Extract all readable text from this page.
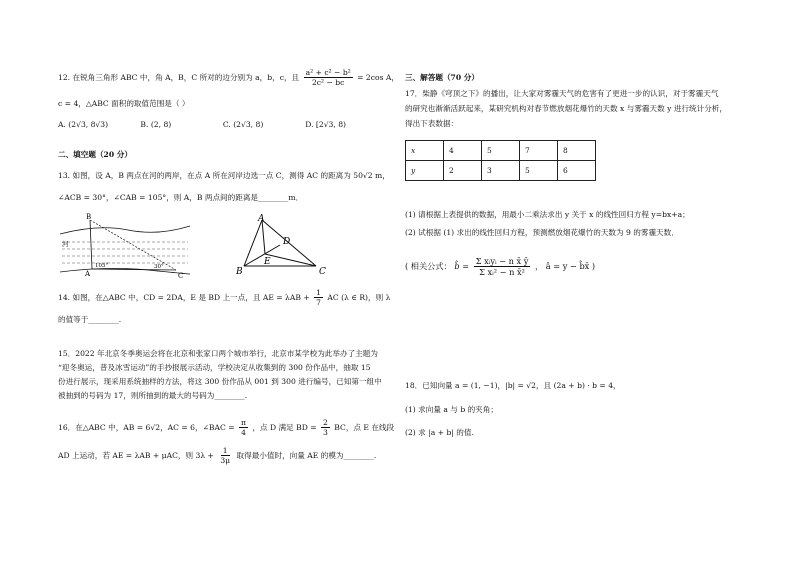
12. 在锐角三角形 ABC 中，角 A，B，C 所对的边分别为 a，b，c，且 $\frac{\text{a² + c² − b²}}{\text{2c² − bc}} = 2\cos$ A，
c = 4，△ABC 面积的取值范围是（ ）
A. (2√3, 8√3)	B. (2, 8)	C. (2√3, 8)	D. [2√3, 8)
二、填空题（20 分）
13. 如图，设 A，B 两点在河的两岸，在点 A 所在河岸边选一点 C，测得 AC 的距离为 50√2 m，
∠ACB = 30°，∠CAB = 105°，则 A，B 两点间的距离是________m．
B
A	C
河
105°	30°
A
B	C
D
E
14. 如图，在△ABC 中，CD = 2DA，E 是 BD 上一点，且 AE = $\lambda AB + \frac{1}{7}$ AC (λ ∈ R)，则 λ
的值等于________.
15．2022 年北京冬季奥运会将在北京和张家口两个城市举行，北京市某学校为此举办了主题为
“迎冬奥运，普及冰雪运动”的手抄报展示活动，学校决定从收集到的 300 份作品中，抽取 15
份进行展示，现采用系统抽样的方法，将这 300 份作品从 001 到 300 进行编号，已知第一组中
被抽到的号码为 17，则所抽到的最大的号码为________.
16．在△ABC 中，AB = 6√2，AC = 6，∠BAC = $\frac{\pi}{4}$ ，点 D 满足 BD = $\frac{2}{3}$ BC，点 E 在线段
AD 上运动，若 AE = λAB + μAC，则 $3\lambda + \frac{1}{3\mu}$ 取得最小值时，向量 AE 的模为________.
三、解答题（70 分）
17．柴静《穹顶之下》的播出，让大家对雾霾天气的危害有了更进一步的认识，对于雾霾天气
的研究也渐渐活跃起来，某研究机构对春节燃放烟花爆竹的天数 x 与雾霾天数 y 进行统计分析，
得出下表数据：
x	4	5	7	8
y	2	3	5	6
(1) 请根据上表提供的数据，用最小二乘法求出 y 关于 x 的线性回归方程 y=bx+a；
(2) 试根据 (1) 求出的线性回归方程，预测燃放烟花爆竹的天数为 9 的雾霾天数．
( 相关公式： b̂ = $\frac{\text{Σ xᵢyᵢ − n x̄ ȳ}}{\text{Σ xᵢ² − n x̄²}}$ ， â = y − b̂x̄ )
18．已知向量 a = (1, −1)，|b| = √2，且 (2a + b) · b = 4，
(1) 求向量 a 与 b 的夹角；
(2) 求 |a + b| 的值.
